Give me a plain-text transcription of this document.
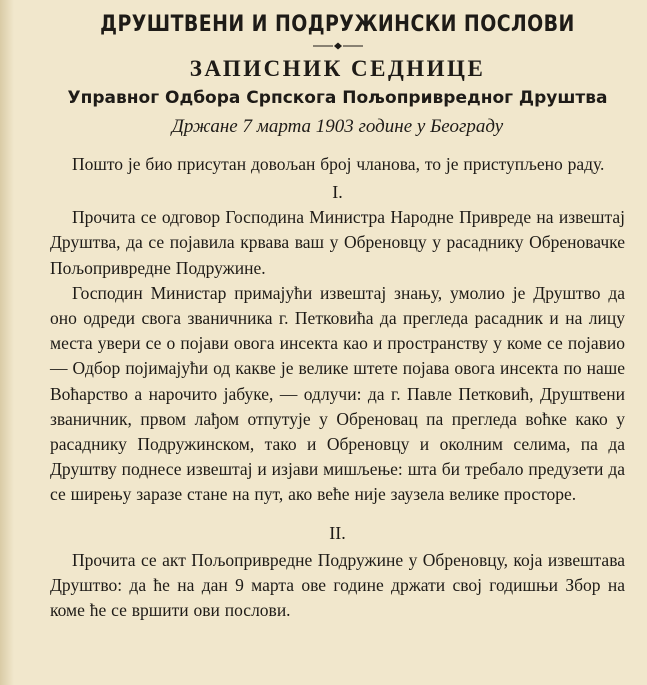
ДРУШТВЕНИ И ПОДРУЖИНСКИ ПОСЛОВИ
ЗАПИСНИК СЕДНИЦЕ
Управног Одбора Српскога Пољопривредног Друштва
Држане 7 марта 1903 године у Београду

Пошто је био присутан довољан број чланова, то је приступљено раду.

I.

Прочита се одговор Господина Министра Народне Привреде на извештај Друштва, да се појавила крвава ваш у Обреновцу у расаднику Обреновачке Пољопривредне Подружине.

Господин Министар примајући извештај знању, умолио је Друштво да оно одреди свога званичника г. Петковића да прегледа расадник и на лицу места увери се о појави овога инсекта као и пространству у коме се појавио — Одбор појимајући од какве је велике штете појава овога инсекта по наше Воћарство а нарочито јабуке, — одлучи: да г. Павле Петковић, Друштвени званичник, првом лађом отпутује у Обреновац па прегледа воћке како у расаднику Подружинском, тако и Обреновцу и околним селима, па да Друштву поднесе извештај и изјави мишљење: шта би требало предузети да се ширењу заразе стане на пут, ако веће није заузела велике просторе.

II.

Прочита се акт Пољопривредне Подружине у Обреновцу, која извештава Друштво: да ће на дан 9 марта ове године држати свој годишњи Збор на коме ће се вршити ови послови.
